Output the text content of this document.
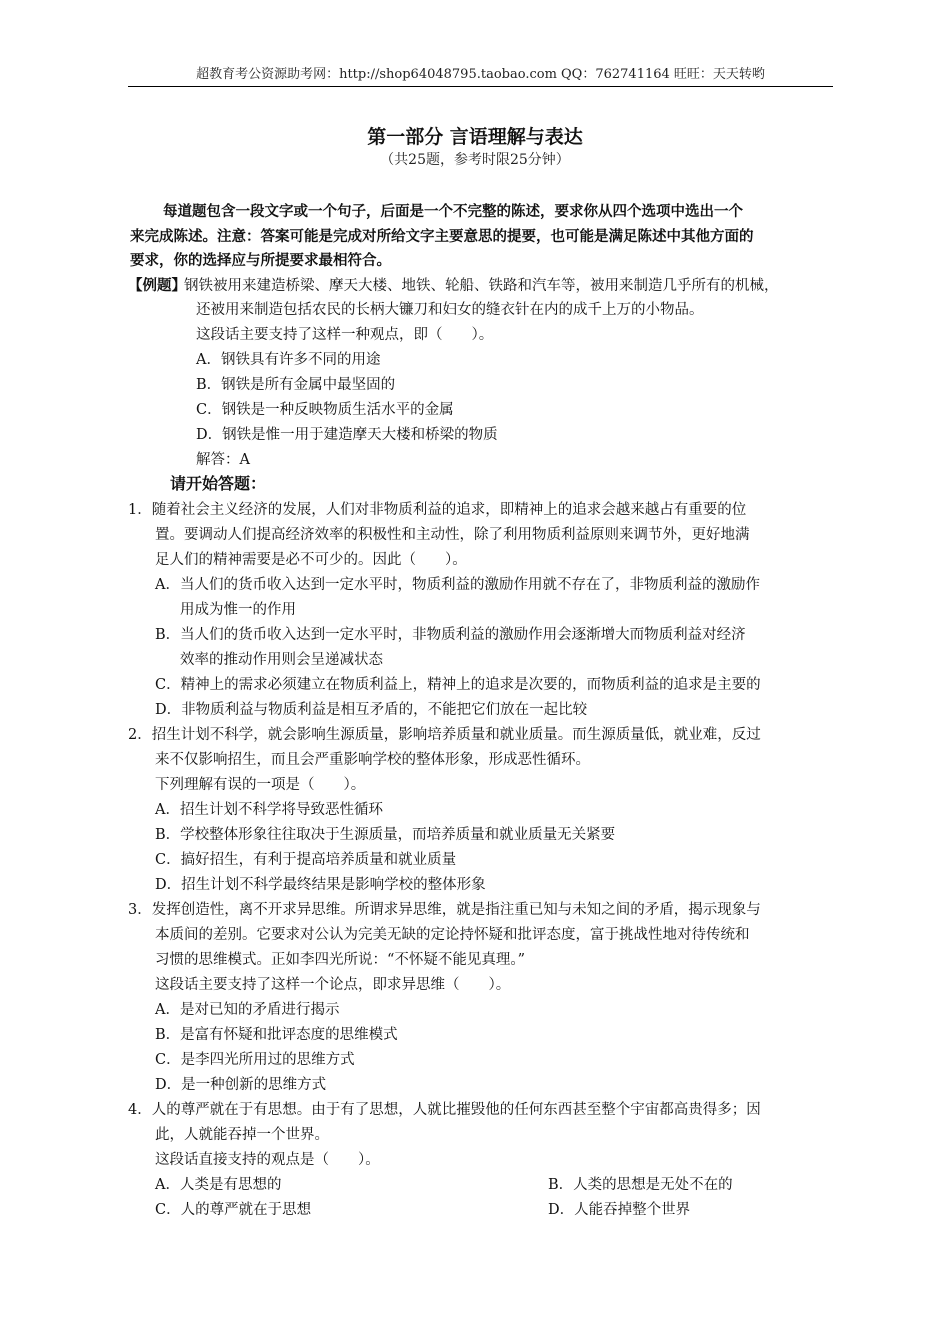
超教育考公资源助考网：http://shop64048795.taobao.com QQ：762741164 旺旺：天天转哟
第一部分 言语理解与表达
（共25题，参考时限25分钟）
每道题包含一段文字或一个句子，后面是一个不完整的陈述，要求你从四个选项中选出一个
来完成陈述。注意：答案可能是完成对所给文字主要意思的提要，也可能是满足陈述中其他方面的
要求，你的选择应与所提要求最相符合。
【例题】
钢铁被用来建造桥梁、摩天大楼、地铁、轮船、铁路和汽车等，被用来制造几乎所有的机械，
还被用来制造包括农民的长柄大镰刀和妇女的缝衣针在内的成千上万的小物品。
这段话主要支持了这样一种观点，即（　　）。
A．钢铁具有许多不同的用途
B．钢铁是所有金属中最坚固的
C．钢铁是一种反映物质生活水平的金属
D．钢铁是惟一用于建造摩天大楼和桥梁的物质
解答：A
请开始答题：
1．随着社会主义经济的发展，人们对非物质利益的追求，即精神上的追求会越来越占有重要的位
置。要调动人们提高经济效率的积极性和主动性，除了利用物质利益原则来调节外，更好地满
足人们的精神需要是必不可少的。因此（　　）。
A．当人们的货币收入达到一定水平时，物质利益的激励作用就不存在了，非物质利益的激励作
用成为惟一的作用
B．当人们的货币收入达到一定水平时，非物质利益的激励作用会逐渐增大而物质利益对经济
效率的推动作用则会呈递减状态
C．精神上的需求必须建立在物质利益上，精神上的追求是次要的，而物质利益的追求是主要的
D．非物质利益与物质利益是相互矛盾的，不能把它们放在一起比较
2．招生计划不科学，就会影响生源质量，影响培养质量和就业质量。而生源质量低，就业难，反过
来不仅影响招生，而且会严重影响学校的整体形象，形成恶性循环。
下列理解有误的一项是（　　）。
A．招生计划不科学将导致恶性循环
B．学校整体形象往往取决于生源质量，而培养质量和就业质量无关紧要
C．搞好招生，有利于提高培养质量和就业质量
D．招生计划不科学最终结果是影响学校的整体形象
3．发挥创造性，离不开求异思维。所谓求异思维，就是指注重已知与未知之间的矛盾，揭示现象与
本质间的差别。它要求对公认为完美无缺的定论持怀疑和批评态度，富于挑战性地对待传统和
习惯的思维模式。正如李四光所说：“不怀疑不能见真理。”
这段话主要支持了这样一个论点，即求异思维（　　）。
A．是对已知的矛盾进行揭示
B．是富有怀疑和批评态度的思维模式
C．是李四光所用过的思维方式
D．是一种创新的思维方式
4．人的尊严就在于有思想。由于有了思想，人就比摧毁他的任何东西甚至整个宇宙都高贵得多；因
此，人就能吞掉一个世界。
这段话直接支持的观点是（　　）。
A．人类是有思想的	B．人类的思想是无处不在的
C．人的尊严就在于思想	D．人能吞掉整个世界
